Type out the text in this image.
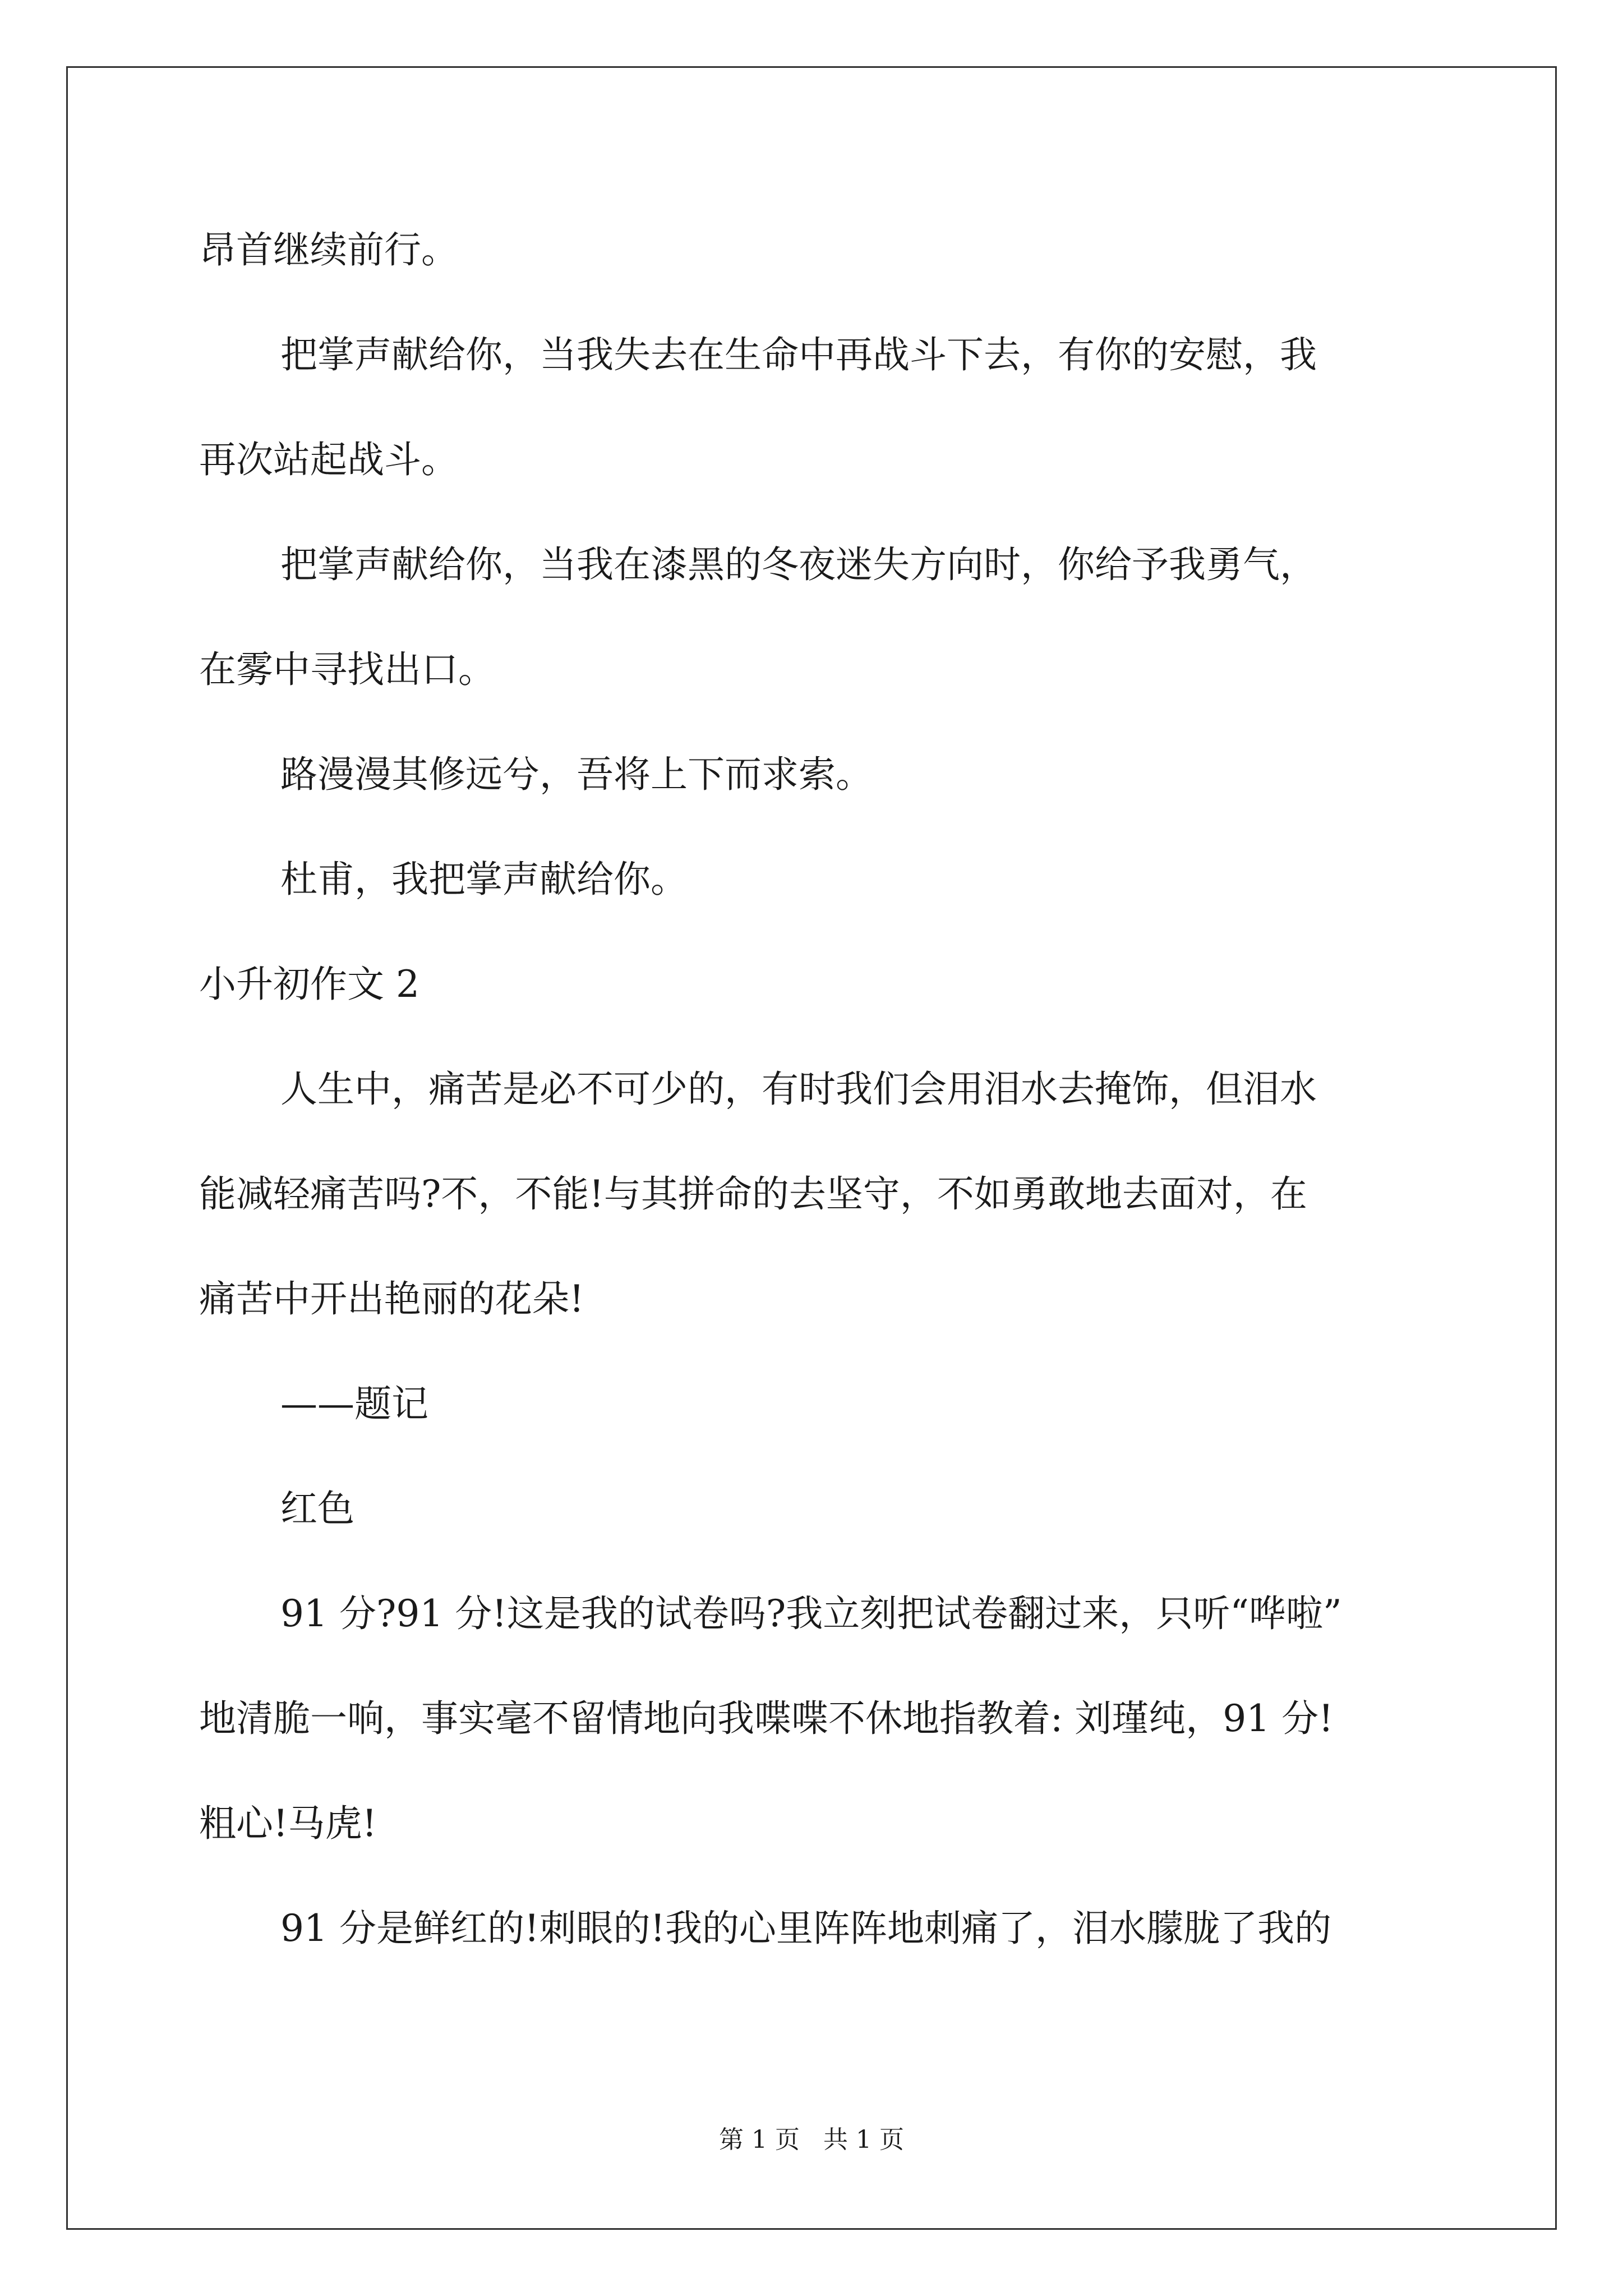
昂首继续前行。
把掌声献给你，当我失去在生命中再战斗下去，有你的安慰，我
再次站起战斗。
把掌声献给你，当我在漆黑的冬夜迷失方向时，你给予我勇气，
在雾中寻找出口。
路漫漫其修远兮，吾将上下而求索。
杜甫，我把掌声献给你。
小升初作文 2
人生中，痛苦是必不可少的，有时我们会用泪水去掩饰，但泪水
能减轻痛苦吗?不，不能!与其拼命的去坚守，不如勇敢地去面对，在
痛苦中开出艳丽的花朵!
——题记
红色
91 分?91 分!这是我的试卷吗?我立刻把试卷翻过来，只听“哗啦”
地清脆一响，事实毫不留情地向我喋喋不休地指教着: 刘瑾纯，91 分!
粗心!马虎!
91 分是鲜红的!刺眼的!我的心里阵阵地刺痛了，泪水朦胧了我的
第 1 页   共 1 页
